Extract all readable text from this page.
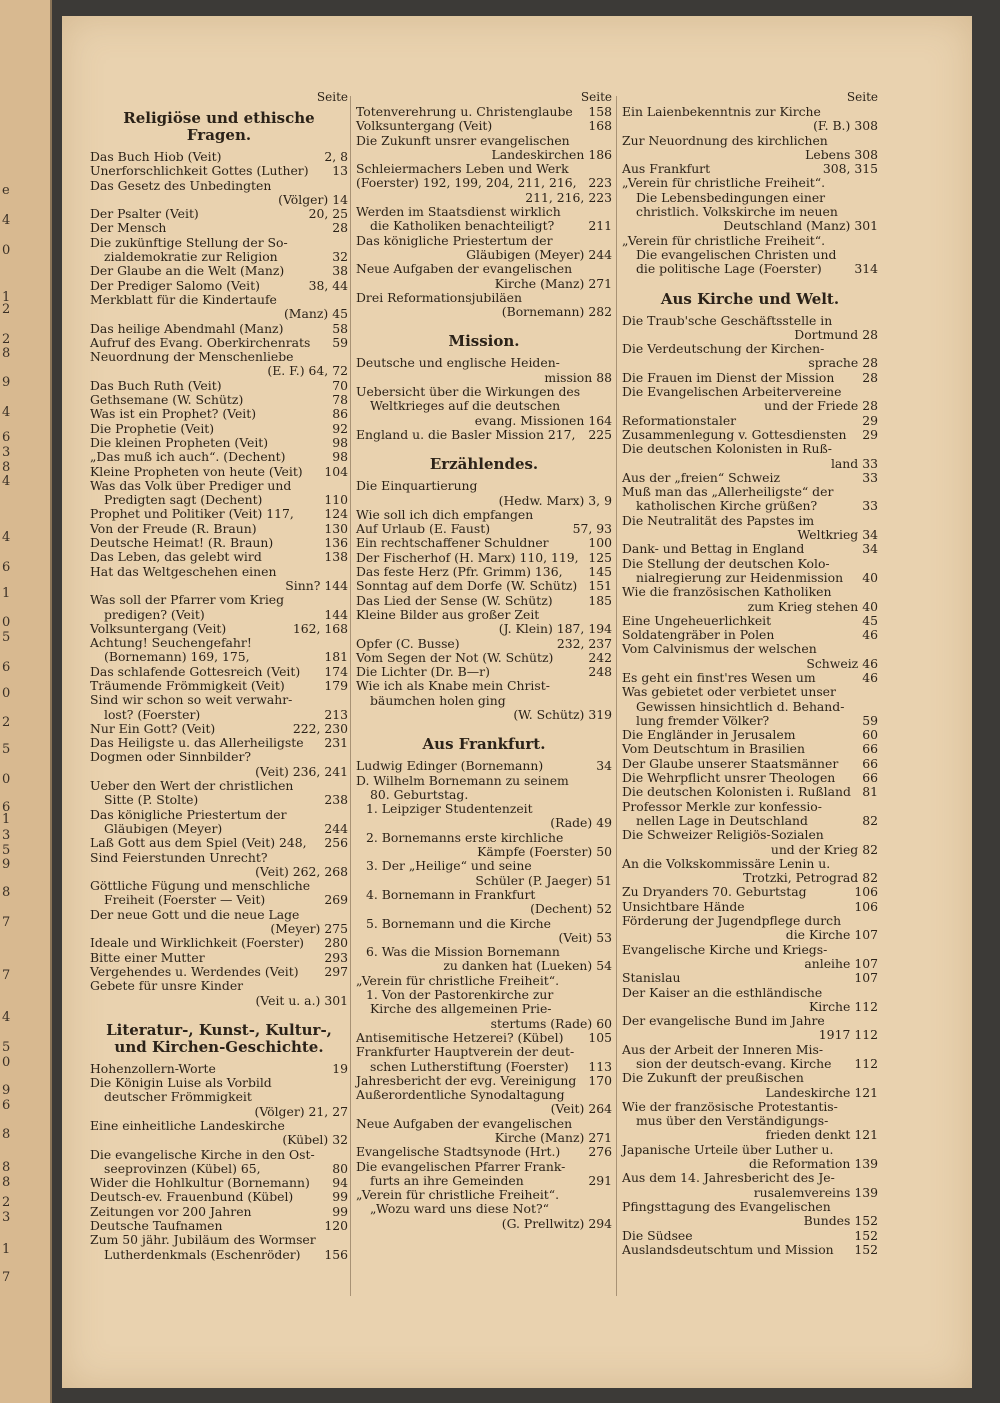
e
4
0
1
2
2
8
9
4
6
3
8
4
4
6
1
0
5
6
0
2
5
0
6
1
3
5
9
8
7
7
4
5
0
9
6
8
8
8
2
3
1
7
Seite
Religiöse und ethische Fragen.
Das Buch Hiob (Veit)	2, 8
Unerforschlichkeit Gottes (Luther)	13
Das Gesetz des Unbedingten
(Völger) 14
Der Psalter (Veit)	20, 25
Der Mensch	28
Die zukünftige Stellung der So-
zialdemokratie zur Religion	32
Der Glaube an die Welt (Manz)	38
Der Prediger Salomo (Veit)	38, 44
Merkblatt für die Kindertaufe
(Manz) 45
Das heilige Abendmahl (Manz)	58
Aufruf des Evang. Oberkirchenrats	59
Neuordnung der Menschenliebe
(E. F.) 64, 72
Das Buch Ruth (Veit)	70
Gethsemane (W. Schütz)	78
Was ist ein Prophet? (Veit)	86
Die Prophetie (Veit)	92
Die kleinen Propheten (Veit)	98
„Das muß ich auch“. (Dechent)	98
Kleine Propheten von heute (Veit)	104
Was das Volk über Prediger und
Predigten sagt (Dechent)	110
Prophet und Politiker (Veit) 117,	124
Von der Freude (R. Braun)	130
Deutsche Heimat! (R. Braun)	136
Das Leben, das gelebt wird	138
Hat das Weltgeschehen einen
Sinn? 144
Was soll der Pfarrer vom Krieg
predigen? (Veit)	144
Volksuntergang (Veit)	162, 168
Achtung! Seuchengefahr!
(Bornemann) 169, 175,	181
Das schlafende Gottesreich (Veit)	174
Träumende Frömmigkeit (Veit)	179
Sind wir schon so weit verwahr-
lost? (Foerster)	213
Nur Ein Gott? (Veit)	222, 230
Das Heiligste u. das Allerheiligste	231
Dogmen oder Sinnbilder?
(Veit) 236, 241
Ueber den Wert der christlichen
Sitte (P. Stolte)	238
Das königliche Priestertum der
Gläubigen (Meyer)	244
Laß Gott aus dem Spiel (Veit) 248,	256
Sind Feierstunden Unrecht?
(Veit) 262, 268
Göttliche Fügung und menschliche
Freiheit (Foerster — Veit)	269
Der neue Gott und die neue Lage
(Meyer) 275
Ideale und Wirklichkeit (Foerster)	280
Bitte einer Mutter	293
Vergehendes u. Werdendes (Veit)	297
Gebete für unsre Kinder
(Veit u. a.) 301
Literatur-, Kunst-, Kultur-, und Kirchen-Geschichte.
Hohenzollern-Worte	19
Die Königin Luise als Vorbild
deutscher Frömmigkeit
(Völger) 21, 27
Eine einheitliche Landeskirche
(Kübel) 32
Die evangelische Kirche in den Ost-
seeprovinzen (Kübel) 65,	80
Wider die Hohlkultur (Bornemann)	94
Deutsch-ev. Frauenbund (Kübel)	99
Zeitungen vor 200 Jahren	99
Deutsche Taufnamen	120
Zum 50 jähr. Jubiläum des Wormser
Lutherdenkmals (Eschenröder)	156
Seite
Totenverehrung u. Christenglaube	158
Volksuntergang (Veit)	168
Die Zukunft unsrer evangelischen
Landeskirchen 186
Schleiermachers Leben und Werk
(Foerster) 192, 199, 204, 211, 216, 223
211, 216, 223
Werden im Staatsdienst wirklich
die Katholiken benachteiligt?	211
Das königliche Priestertum der
Gläubigen (Meyer) 244
Neue Aufgaben der evangelischen
Kirche (Manz) 271
Drei Reformationsjubiläen
(Bornemann) 282
Mission.
Deutsche und englische Heiden-
mission 88
Uebersicht über die Wirkungen des
Weltkrieges auf die deutschen
evang. Missionen 164
England u. die Basler Mission 217,	225
Erzählendes.
Die Einquartierung
(Hedw. Marx) 3, 9
Wie soll ich dich empfangen
Auf Urlaub (E. Faust)	57, 93
Ein rechtschaffener Schuldner	100
Der Fischerhof (H. Marx) 110, 119, 125
Das feste Herz (Pfr. Grimm) 136,	145
Sonntag auf dem Dorfe (W. Schütz) 151
Das Lied der Sense (W. Schütz)	185
Kleine Bilder aus großer Zeit
(J. Klein) 187, 194
Opfer (C. Busse)	232, 237
Vom Segen der Not (W. Schütz)	242
Die Lichter (Dr. B—r)	248
Wie ich als Knabe mein Christ-
bäumchen holen ging
(W. Schütz) 319
Aus Frankfurt.
Ludwig Edinger (Bornemann)	34
D. Wilhelm Bornemann zu seinem
80. Geburtstag.
1. Leipziger Studentenzeit
(Rade) 49
2. Bornemanns erste kirchliche
Kämpfe (Foerster) 50
3. Der „Heilige“ und seine
Schüler (P. Jaeger) 51
4. Bornemann in Frankfurt
(Dechent) 52
5. Bornemann und die Kirche
(Veit) 53
6. Was die Mission Bornemann
zu danken hat (Lueken) 54
„Verein für christliche Freiheit“.
1. Von der Pastorenkirche zur
Kirche des allgemeinen Prie-
stertums (Rade) 60
Antisemitische Hetzerei? (Kübel)	105
Frankfurter Hauptverein der deut-
schen Lutherstiftung (Foerster)	113
Jahresbericht der evg. Vereinigung 170
Außerordentliche Synodaltagung
(Veit) 264
Neue Aufgaben der evangelischen
Kirche (Manz) 271
Evangelische Stadtsynode (Hrt.)	276
Die evangelischen Pfarrer Frank-
furts an ihre Gemeinden	291
„Verein für christliche Freiheit“.
„Wozu ward uns diese Not?“
(G. Prellwitz) 294
Seite
Ein Laienbekenntnis zur Kirche
(F. B.) 308
Zur Neuordnung des kirchlichen
Lebens 308
Aus Frankfurt	308, 315
„Verein für christliche Freiheit“.
Die Lebensbedingungen einer
christlich. Volkskirche im neuen
Deutschland (Manz) 301
„Verein für christliche Freiheit“.
Die evangelischen Christen und
die politische Lage (Foerster)	314
Aus Kirche und Welt.
Die Traub'sche Geschäftsstelle in
Dortmund 28
Die Verdeutschung der Kirchen-
sprache 28
Die Frauen im Dienst der Mission	28
Die Evangelischen Arbeitervereine
und der Friede 28
Reformationstaler	29
Zusammenlegung v. Gottesdiensten	29
Die deutschen Kolonisten in Ruß-
land 33
Aus der „freien“ Schweiz	33
Muß man das „Allerheiligste“ der
katholischen Kirche grüßen?	33
Die Neutralität des Papstes im
Weltkrieg 34
Dank- und Bettag in England	34
Die Stellung der deutschen Kolo-
nialregierung zur Heidenmission	40
Wie die französischen Katholiken
zum Krieg stehen 40
Eine Ungeheuerlichkeit	45
Soldatengräber in Polen	46
Vom Calvinismus der welschen
Schweiz 46
Es geht ein finst'res Wesen um	46
Was gebietet oder verbietet unser
Gewissen hinsichtlich d. Behand-
lung fremder Völker?	59
Die Engländer in Jerusalem	60
Vom Deutschtum in Brasilien	66
Der Glaube unserer Staatsmänner	66
Die Wehrpflicht unsrer Theologen	66
Die deutschen Kolonisten i. Rußland 81
Professor Merkle zur konfessio-
nellen Lage in Deutschland	82
Die Schweizer Religiös-Sozialen
und der Krieg 82
An die Volkskommissäre Lenin u.
Trotzki, Petrograd 82
Zu Dryanders 70. Geburtstag	106
Unsichtbare Hände	106
Förderung der Jugendpflege durch
die Kirche 107
Evangelische Kirche und Kriegs-
anleihe 107
Stanislau	107
Der Kaiser an die esthländische
Kirche 112
Der evangelische Bund im Jahre
1917 112
Aus der Arbeit der Inneren Mis-
sion der deutsch-evang. Kirche	112
Die Zukunft der preußischen
Landeskirche 121
Wie der französische Protestantis-
mus über den Verständigungs-
frieden denkt 121
Japanische Urteile über Luther u.
die Reformation 139
Aus dem 14. Jahresbericht des Je-
rusalemvereins 139
Pfingsttagung des Evangelischen
Bundes 152
Die Südsee	152
Auslandsdeutschtum und Mission	152
